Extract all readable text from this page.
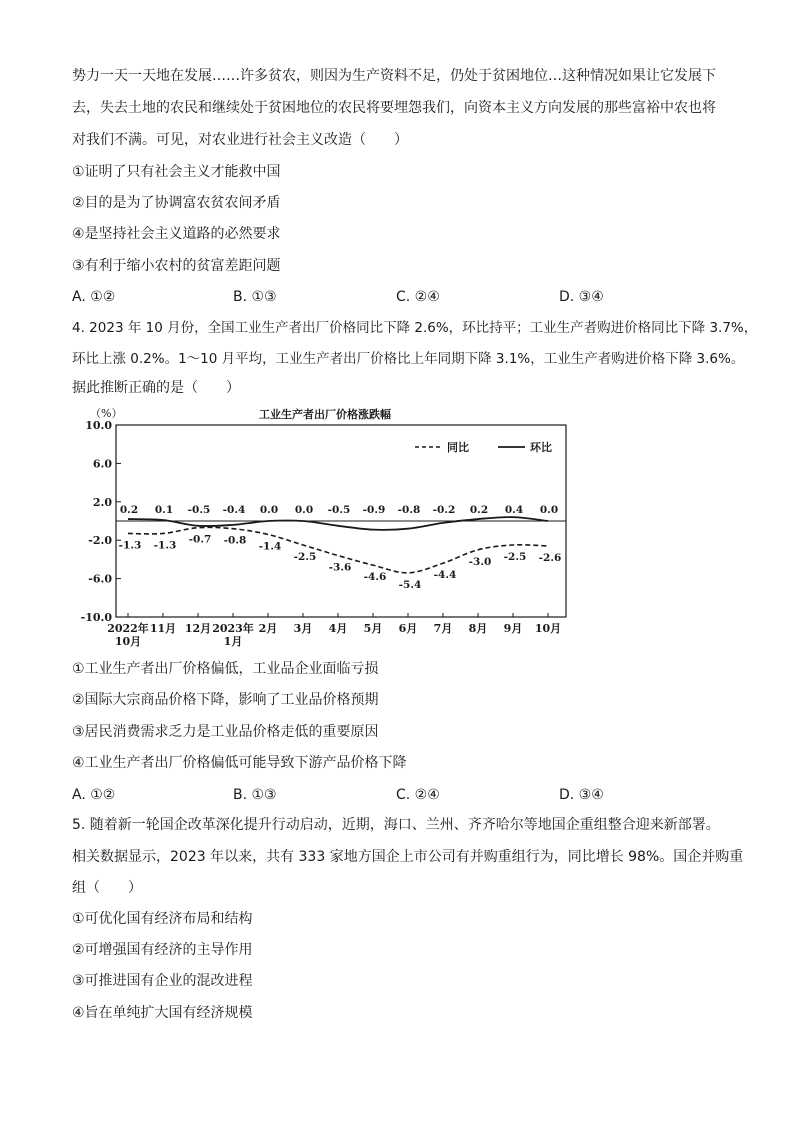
势力一天一天地在发展……许多贫农，则因为生产资料不足，仍处于贫困地位…这种情况如果让它发展下
去，失去土地的农民和继续处于贫困地位的农民将要埋怨我们，向资本主义方向发展的那些富裕中农也将
对我们不满。可见，对农业进行社会主义改造（　　）
①证明了只有社会主义才能救中国
②目的是为了协调富农贫农间矛盾
④是坚持社会主义道路的必然要求
③有利于缩小农村的贫富差距问题
A. ①②	B. ①③	C. ②④	D. ③④
4. 2023 年 10 月份，全国工业生产者出厂价格同比下降 2.6%，环比持平；工业生产者购进价格同比下降 3.7%，
环比上涨 0.2%。1～10 月平均，工业生产者出厂价格比上年同期下降 3.1%，工业生产者购进价格下降 3.6%。
据此推断正确的是（　　）
工业生产者出厂价格涨跌幅
（%）
10.0
6.0
2.0
-2.0
-6.0
-10.0
2022年
10月
11月 12月 2023年
1月
2月 3月 4月 5月 6月 7月 8月 9月 10月
0.2 0.1 -0.5 -0.4 0.0 0.0 -0.5 -0.9 -0.8 -0.2 0.2 0.4 0.0
-1.3 -1.3 -0.7 -0.8 -1.4
-2.5
-3.6
-4.6
-5.4
-4.4
-3.0 -2.5 -2.6
同比	环比
①工业生产者出厂价格偏低，工业品企业面临亏损
②国际大宗商品价格下降，影响了工业品价格预期
③居民消费需求乏力是工业品价格走低的重要原因
④工业生产者出厂价格偏低可能导致下游产品价格下降
A. ①②	B. ①③	C. ②④	D. ③④
5. 随着新一轮国企改革深化提升行动启动，近期，海口、兰州、齐齐哈尔等地国企重组整合迎来新部署。
相关数据显示，2023 年以来，共有 333 家地方国企上市公司有并购重组行为，同比增长 98%。国企并购重
组（　　）
①可优化国有经济布局和结构
②可增强国有经济的主导作用
③可推进国有企业的混改进程
④旨在单纯扩大国有经济规模
